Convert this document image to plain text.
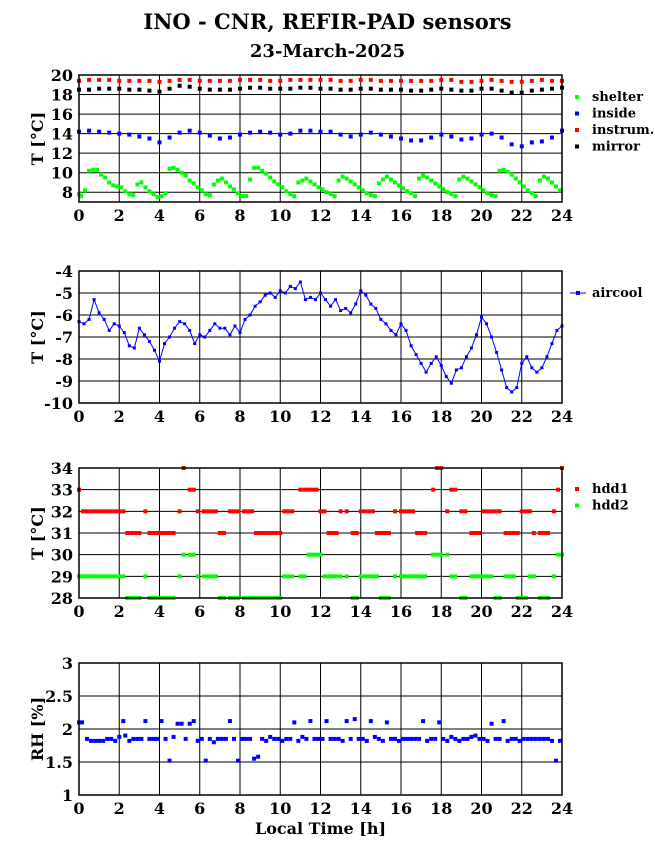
INO - CNR, REFIR-PAD sensors
23-March-2025
0 2 4 6 8 10 12 14 16 18 20 22 24
8
10
12
14
16
18
20
T [°C]
shelter
inside
instrum.
mirror
0 2 4 6 8 10 12 14 16 18 20 22 24
-10
-9
-8
-7
-6
-5
-4
T [°C]
aircool
0 2 4 6 8 10 12 14 16 18 20 22 24
28
29
30
31
32
33
34
T [°C]
hdd1
hdd2
0 2 4 6 8 10 12 14 16 18 20 22 24
1
1.5
2
2.5
3
RH [%]
Local Time [h]
